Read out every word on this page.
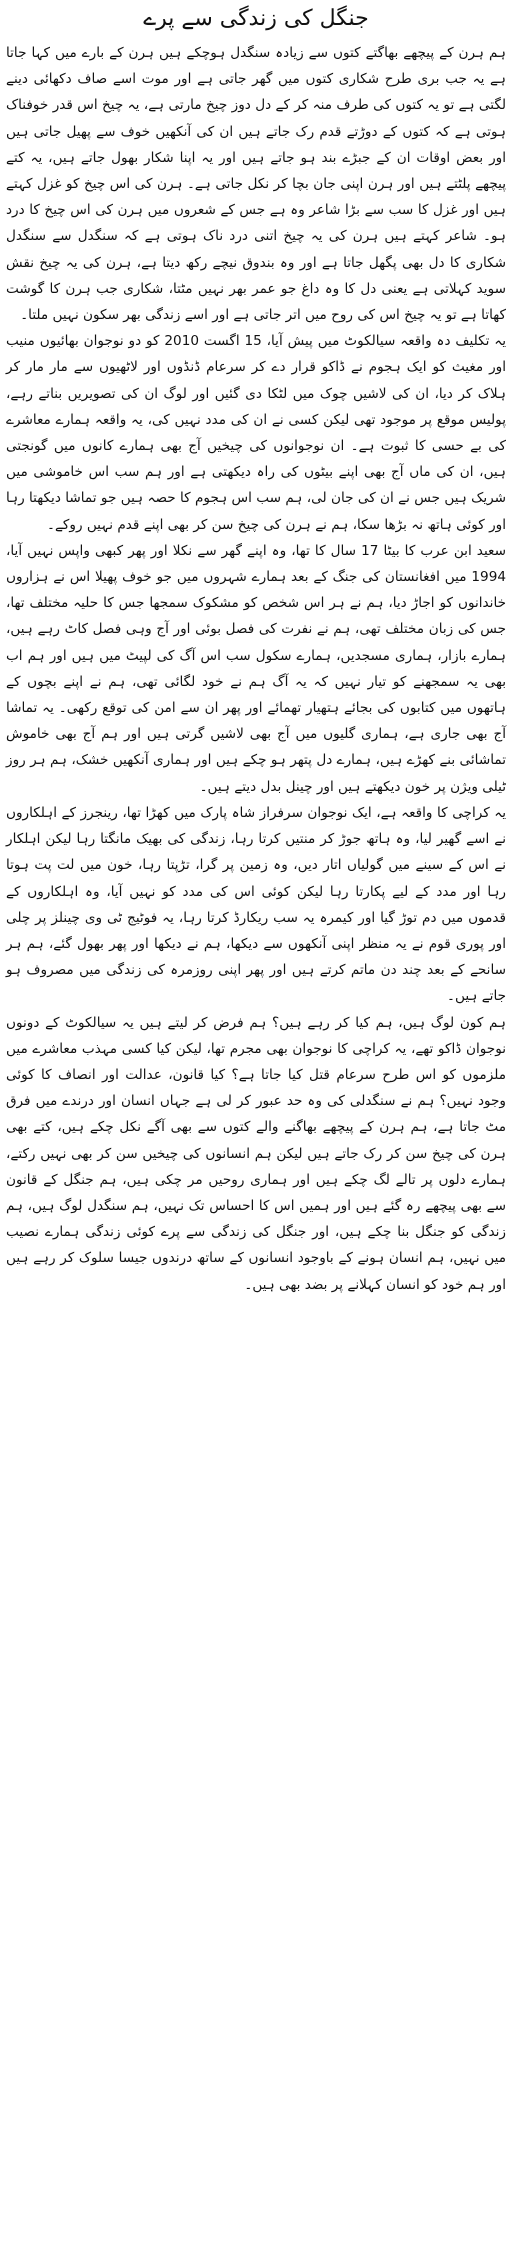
جنگل کی زندگی سے پرے

ہم ہرن کے پیچھے بھاگتے کتوں سے زیادہ سنگدل ہوچکے ہیں ہرن کے بارے میں کہا جاتا ہے یہ جب بری طرح شکاری کتوں میں گھر جاتی ہے اور موت اسے صاف دکھائی دینے لگتی ہے تو یہ کتوں کی طرف منہ کر کے دل دوز چیخ مارتی ہے، یہ چیخ اس قدر خوفناک ہوتی ہے کہ کتوں کے دوڑتے قدم رک جاتے ہیں ان کی آنکھیں خوف سے پھیل جاتی ہیں اور بعض اوقات ان کے جبڑے بند ہو جاتے ہیں اور یہ اپنا شکار بھول جاتے ہیں، یہ کتے پیچھے پلٹتے ہیں اور ہرن اپنی جان بچا کر نکل جاتی ہے۔ ہرن کی اس چیخ کو غزل کہتے ہیں اور غزل کا سب سے بڑا شاعر وہ ہے جس کے شعروں میں ہرن کی اس چیخ کا درد ہو۔ شاعر کہتے ہیں ہرن کی یہ چیخ اتنی درد ناک ہوتی ہے کہ سنگدل سے سنگدل شکاری کا دل بھی پگھل جاتا ہے اور وہ بندوق نیچے رکھ دیتا ہے، ہرن کی یہ چیخ نقش سوید کہلاتی ہے یعنی دل کا وہ داغ جو عمر بھر نہیں مٹتا، شکاری جب ہرن کا گوشت کھاتا ہے تو یہ چیخ اس کی روح میں اتر جاتی ہے اور اسے زندگی بھر سکون نہیں ملتا۔

یہ تکلیف دہ واقعہ سیالکوٹ میں پیش آیا، 15 اگست 2010 کو دو نوجوان بھائیوں منیب اور مغیث کو ایک ہجوم نے ڈاکو قرار دے کر سرعام ڈنڈوں اور لاٹھیوں سے مار مار کر ہلاک کر دیا، ان کی لاشیں چوک میں لٹکا دی گئیں اور لوگ ان کی تصویریں بناتے رہے، پولیس موقع پر موجود تھی لیکن کسی نے ان کی مدد نہیں کی، یہ واقعہ ہمارے معاشرے کی بے حسی کا ثبوت ہے۔ ان نوجوانوں کی چیخیں آج بھی ہمارے کانوں میں گونجتی ہیں، ان کی ماں آج بھی اپنے بیٹوں کی راہ دیکھتی ہے اور ہم سب اس خاموشی میں شریک ہیں جس نے ان کی جان لی، ہم سب اس ہجوم کا حصہ ہیں جو تماشا دیکھتا رہا اور کوئی ہاتھ نہ بڑھا سکا، ہم نے ہرن کی چیخ سن کر بھی اپنے قدم نہیں روکے۔

سعید ابن عرب کا بیٹا 17 سال کا تھا، وہ اپنے گھر سے نکلا اور پھر کبھی واپس نہیں آیا، 1994 میں افغانستان کی جنگ کے بعد ہمارے شہروں میں جو خوف پھیلا اس نے ہزاروں خاندانوں کو اجاڑ دیا، ہم نے ہر اس شخص کو مشکوک سمجھا جس کا حلیہ مختلف تھا، جس کی زبان مختلف تھی، ہم نے نفرت کی فصل بوئی اور آج وہی فصل کاٹ رہے ہیں، ہمارے بازار، ہماری مسجدیں، ہمارے سکول سب اس آگ کی لپیٹ میں ہیں اور ہم اب بھی یہ سمجھنے کو تیار نہیں کہ یہ آگ ہم نے خود لگائی تھی، ہم نے اپنے بچوں کے ہاتھوں میں کتابوں کی بجائے ہتھیار تھمائے اور پھر ان سے امن کی توقع رکھی۔ یہ تماشا آج بھی جاری ہے، ہماری گلیوں میں آج بھی لاشیں گرتی ہیں اور ہم آج بھی خاموش تماشائی بنے کھڑے ہیں، ہمارے دل پتھر ہو چکے ہیں اور ہماری آنکھیں خشک، ہم ہر روز ٹیلی ویژن پر خون دیکھتے ہیں اور چینل بدل دیتے ہیں۔

یہ کراچی کا واقعہ ہے، ایک نوجوان سرفراز شاہ پارک میں کھڑا تھا، رینجرز کے اہلکاروں نے اسے گھیر لیا، وہ ہاتھ جوڑ کر منتیں کرتا رہا، زندگی کی بھیک مانگتا رہا لیکن اہلکار نے اس کے سینے میں گولیاں اتار دیں، وہ زمین پر گرا، تڑپتا رہا، خون میں لت پت ہوتا رہا اور مدد کے لیے پکارتا رہا لیکن کوئی اس کی مدد کو نہیں آیا، وہ اہلکاروں کے قدموں میں دم توڑ گیا اور کیمرہ یہ سب ریکارڈ کرتا رہا، یہ فوٹیج ٹی وی چینلز پر چلی اور پوری قوم نے یہ منظر اپنی آنکھوں سے دیکھا، ہم نے دیکھا اور پھر بھول گئے، ہم ہر سانحے کے بعد چند دن ماتم کرتے ہیں اور پھر اپنی روزمرہ کی زندگی میں مصروف ہو جاتے ہیں۔

ہم کون لوگ ہیں، ہم کیا کر رہے ہیں؟ ہم فرض کر لیتے ہیں یہ سیالکوٹ کے دونوں نوجوان ڈاکو تھے، یہ کراچی کا نوجوان بھی مجرم تھا، لیکن کیا کسی مہذب معاشرے میں ملزموں کو اس طرح سرعام قتل کیا جاتا ہے؟ کیا قانون، عدالت اور انصاف کا کوئی وجود نہیں؟ ہم نے سنگدلی کی وہ حد عبور کر لی ہے جہاں انسان اور درندے میں فرق مٹ جاتا ہے، ہم ہرن کے پیچھے بھاگنے والے کتوں سے بھی آگے نکل چکے ہیں، کتے بھی ہرن کی چیخ سن کر رک جاتے ہیں لیکن ہم انسانوں کی چیخیں سن کر بھی نہیں رکتے، ہمارے دلوں پر تالے لگ چکے ہیں اور ہماری روحیں مر چکی ہیں، ہم جنگل کے قانون سے بھی پیچھے رہ گئے ہیں اور ہمیں اس کا احساس تک نہیں، ہم سنگدل لوگ ہیں، ہم زندگی کو جنگل بنا چکے ہیں، اور جنگل کی زندگی سے پرے کوئی زندگی ہمارے نصیب میں نہیں، ہم انسان ہونے کے باوجود انسانوں کے ساتھ درندوں جیسا سلوک کر رہے ہیں اور ہم خود کو انسان کہلانے پر بضد بھی ہیں۔
